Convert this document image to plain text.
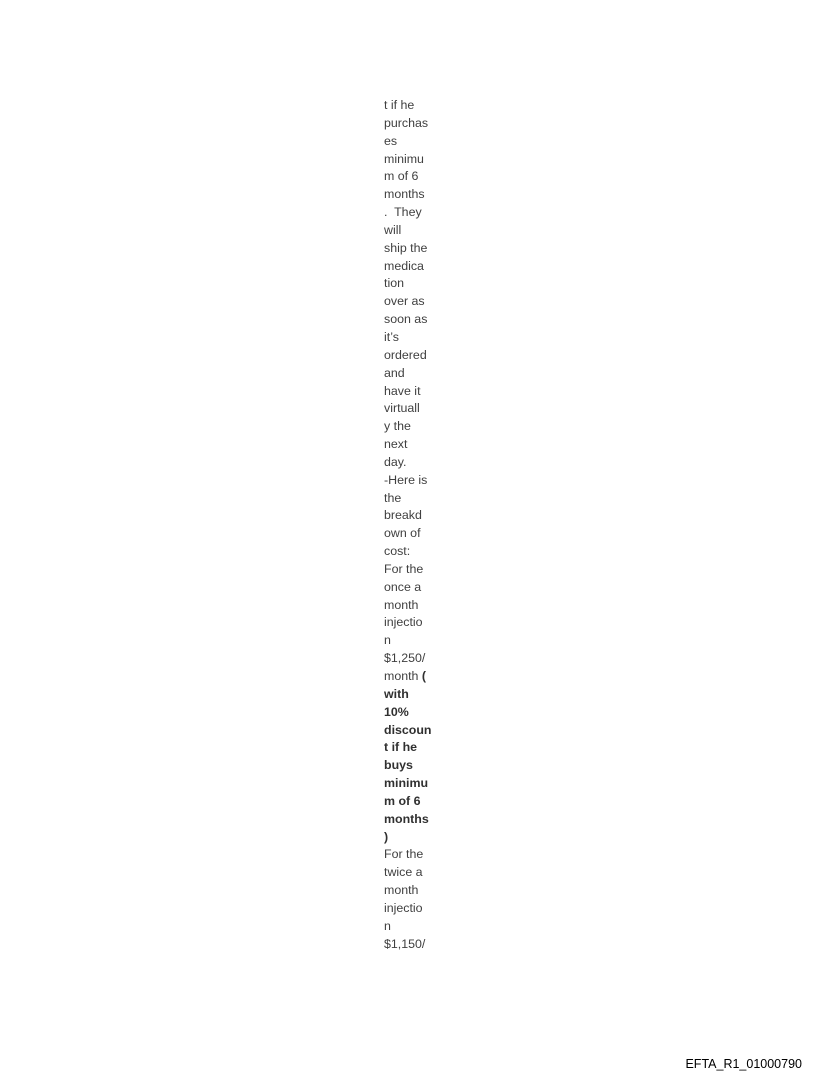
t if he
purchas
es
minimu
m of 6
months
.  They
will
ship the
medica
tion
over as
soon as
it’s
ordered
and
have it
virtuall
y the
next
day.
-Here is
the
breakd
own of
cost:
For the
once a
month
injectio
n
$1,250/
month (
with
10%
discoun
t if he
buys
minimu
m of 6
months
)
For the
twice a
month
injectio
n
$1,150/
EFTA_R1_01000790
